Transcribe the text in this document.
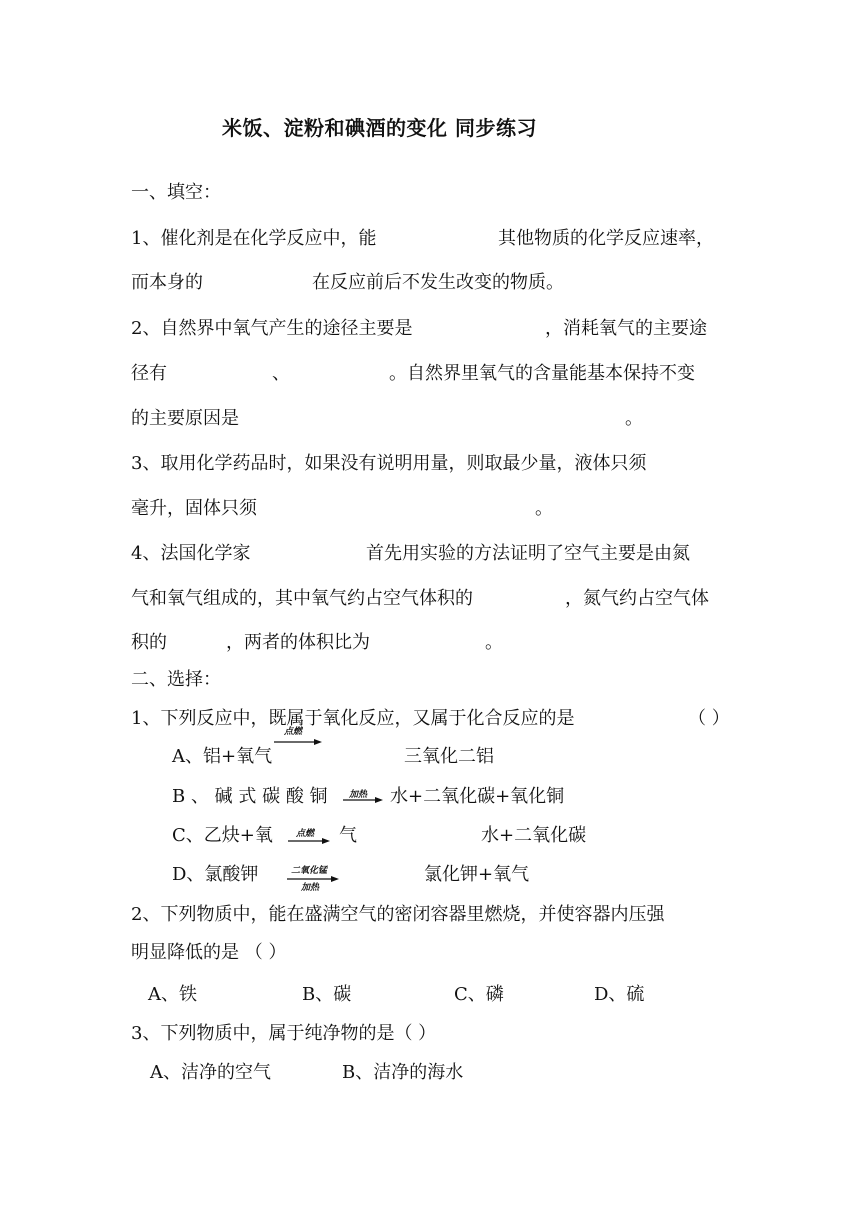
米饭、淀粉和碘酒的变化 同步练习
一、填空：
1、催化剂是在化学反应中，能	其他物质的化学反应速率，
而本身的	在反应前后不发生改变的物质。
2、自然界中氧气产生的途径主要是	，消耗氧气的主要途
径有	、	。自然界里氧气的含量能基本保持不变
的主要原因是	。
3、取用化学药品时，如果没有说明用量，则取最少量，液体只须
毫升，固体只须	。
4、法国化学家	首先用实验的方法证明了空气主要是由氮
气和氧气组成的，其中氧气约占空气体积的	，氮气约占空气体
积的	，两者的体积比为	。
二、选择：
1、下列反应中，既属于氧化反应，又属于化合反应的是	（ ）
A、铝+氧气
点燃
三氧化二铝
B 、 碱 式 碳 酸 铜 加热 水+二氧化碳+氧化铜
C、乙炔+氧	点燃 气	水+二氧化碳
D、氯酸钾	二氧化锰
加热
氯化钾+氧气
2、下列物质中，能在盛满空气的密闭容器里燃烧，并使容器内压强
明显降低的是 （ ）
A、铁	B、碳	C、磷	D、硫
3、下列物质中，属于纯净物的是（ ）
A、洁净的空气	B、洁净的海水
